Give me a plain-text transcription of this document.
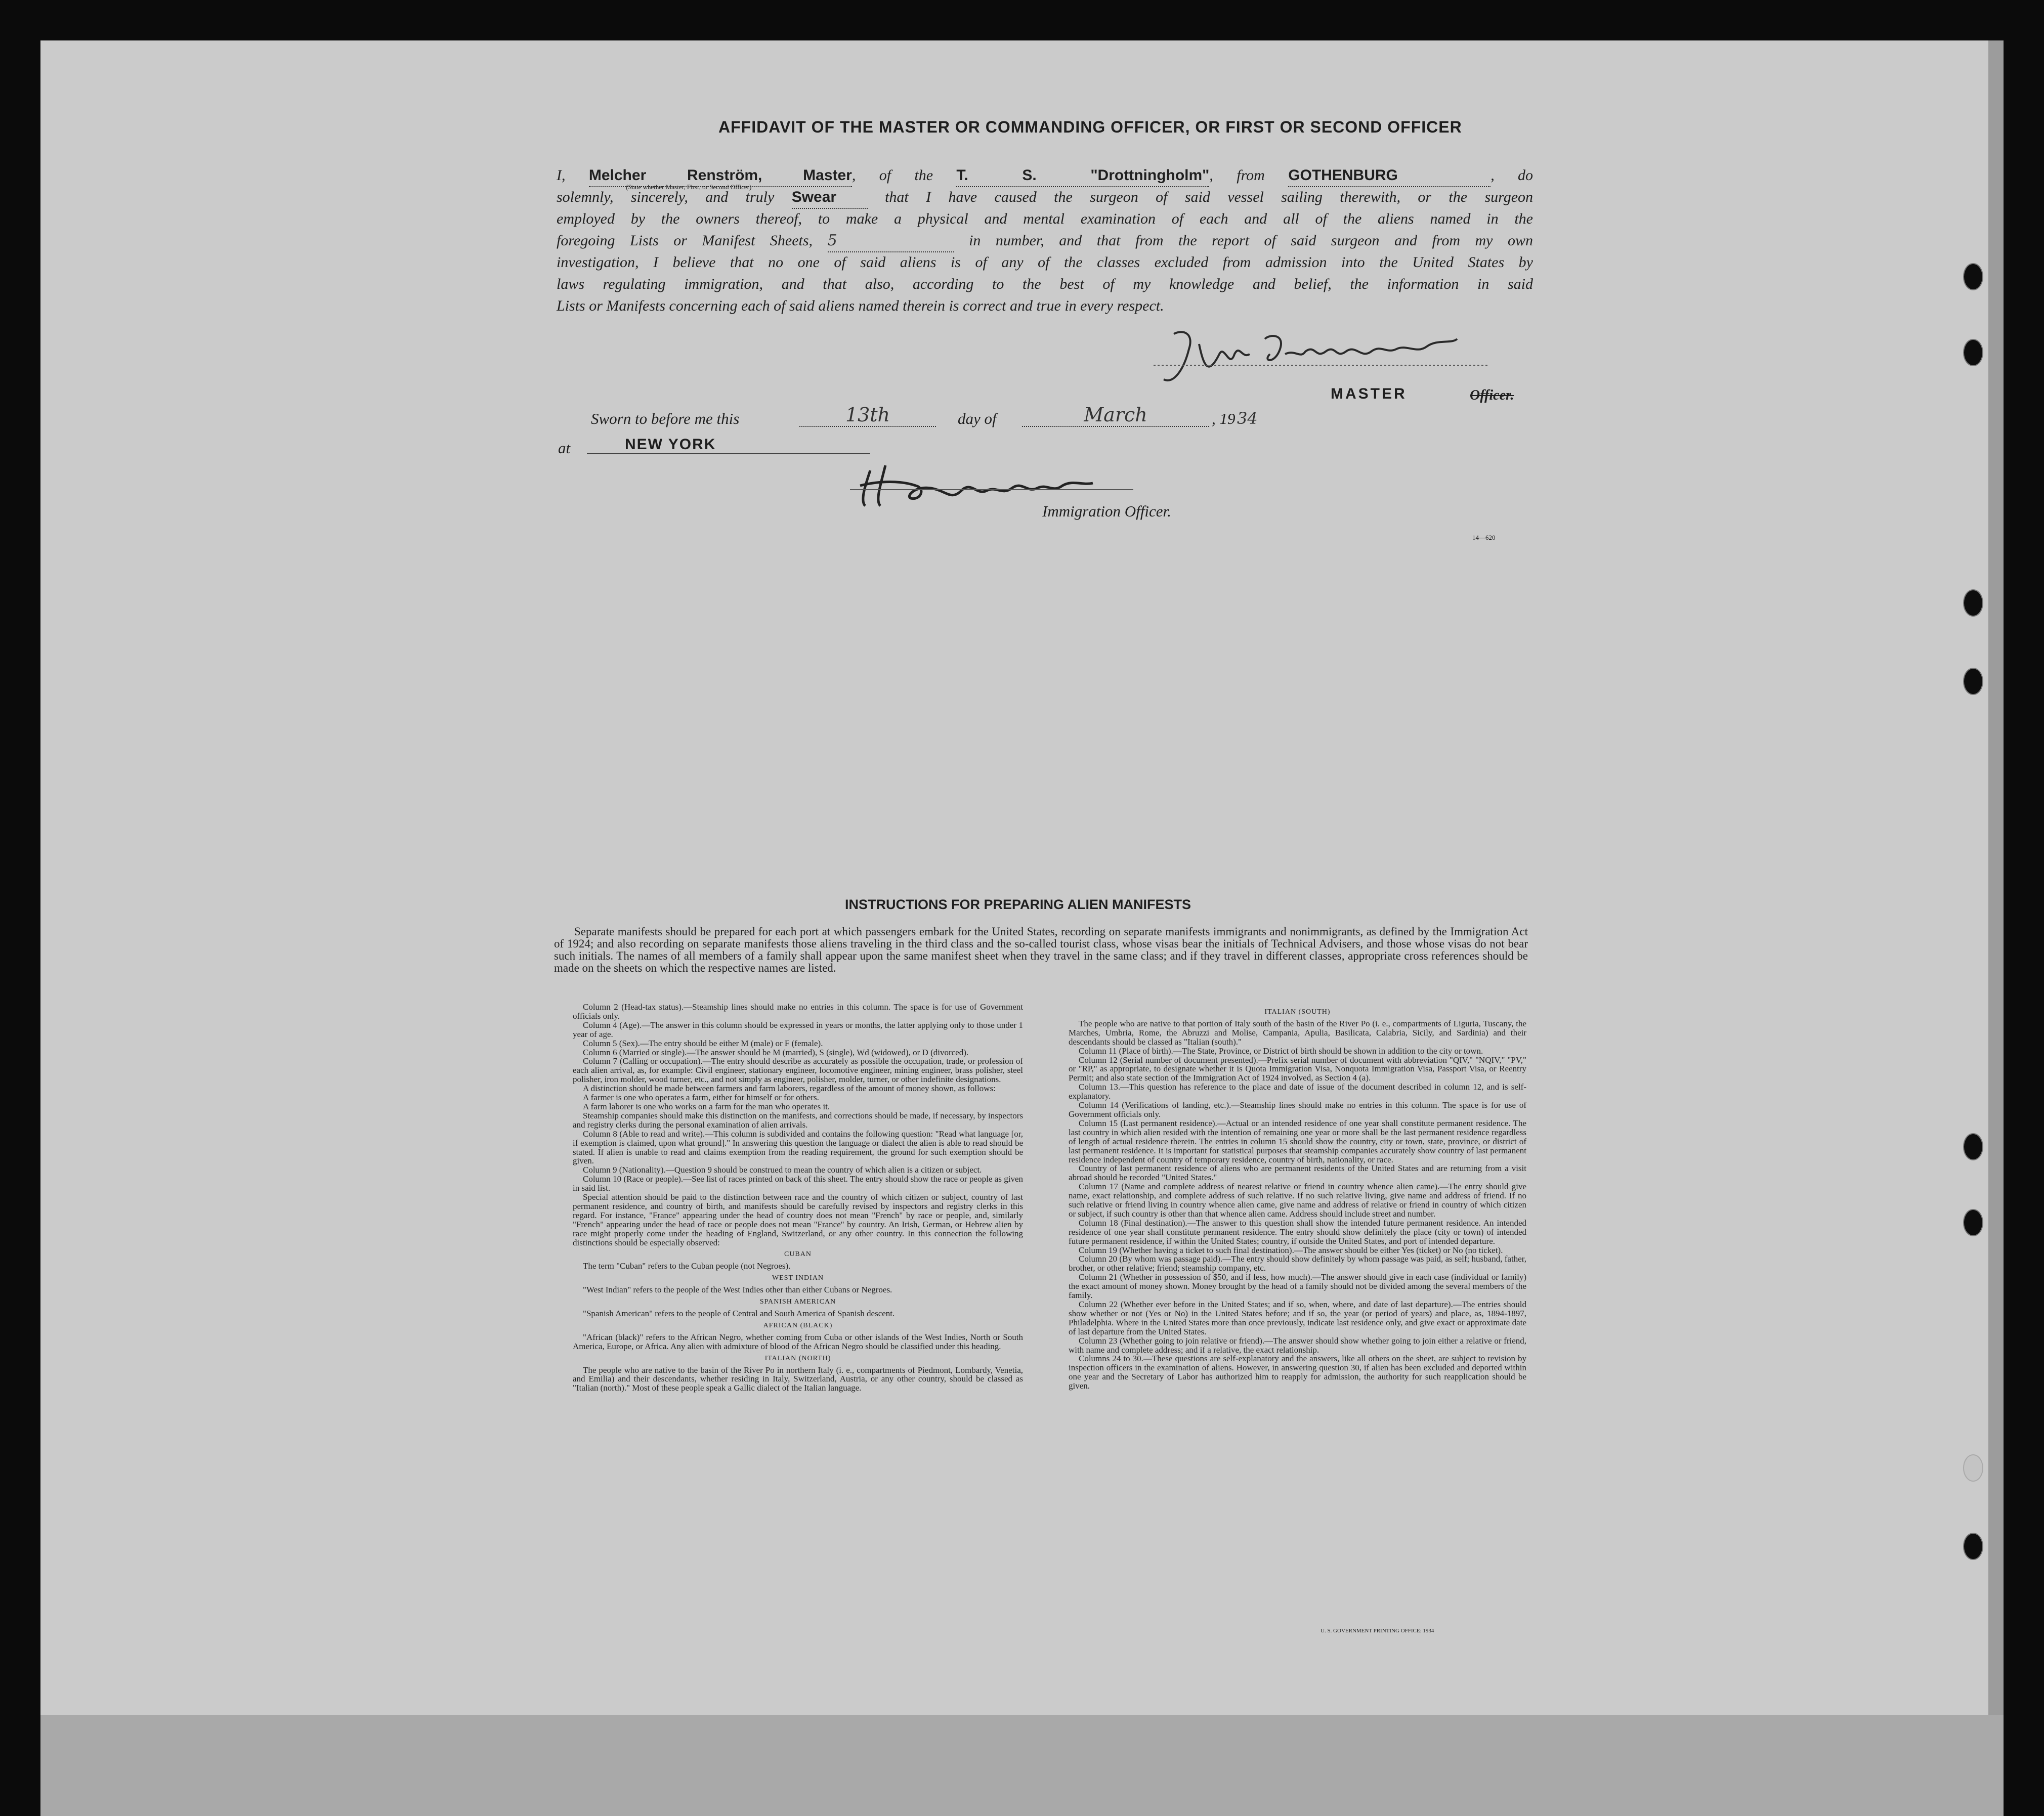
AFFIDAVIT OF THE MASTER OR COMMANDING OFFICER, OR FIRST OR SECOND OFFICER
I, Melcher Renström, Master, of the T. S. "Drottningholm", from GOTHENBURG	, do
solemnly, sincerely, and truly Swear	that I have caused the surgeon of said vessel sailing therewith, or the surgeon
employed by the owners thereof, to make a physical and mental examination of each and all of the aliens named in the
foregoing Lists or Manifest Sheets, 5	in number, and that from the report of said surgeon and from my own
investigation, I believe that no one of said aliens is of any of the classes excluded from admission into the United States by
laws regulating immigration, and that also, according to the best of my knowledge and belief, the information in said
Lists or Manifests concerning each of said aliens named therein is correct and true in every respect.
(State whether Master, First, or Second Officer)
MASTER	Officer.
Sworn to before me this	13th	day of	March	, 19 34
at	NEW YORK
Immigration Officer.
14—620
INSTRUCTIONS FOR PREPARING ALIEN MANIFESTS
Separate manifests should be prepared for each port at which passengers embark for the United States, recording on separate manifests immigrants and nonimmigrants, as defined by the Immigration Act of 1924; and also recording on separate manifests those aliens traveling in the third class and the so-called tourist class, whose visas bear the initials of Technical Advisers, and those whose visas do not bear such initials. The names of all members of a family shall appear upon the same manifest sheet when they travel in the same class; and if they travel in different classes, appropriate cross references should be made on the sheets on which the respective names are listed.

Column 2 (Head-tax status).—Steamship lines should make no entries in this column. The space is for use of Government officials only.

Column 4 (Age).—The answer in this column should be expressed in years or months, the latter applying only to those under 1 year of age.

Column 5 (Sex).—The entry should be either M (male) or F (female).

Column 6 (Married or single).—The answer should be M (married), S (single), Wd (widowed), or D (divorced).

Column 7 (Calling or occupation).—The entry should describe as accurately as possible the occupation, trade, or profession of each alien arrival, as, for example: Civil engineer, stationary engineer, locomotive engineer, mining engineer, brass polisher, steel polisher, iron molder, wood turner, etc., and not simply as engineer, polisher, molder, turner, or other indefinite designations.

A distinction should be made between farmers and farm laborers, regardless of the amount of money shown, as follows:

A farmer is one who operates a farm, either for himself or for others.

A farm laborer is one who works on a farm for the man who operates it.

Steamship companies should make this distinction on the manifests, and corrections should be made, if necessary, by inspectors and registry clerks during the personal examination of alien arrivals.

Column 8 (Able to read and write).—This column is subdivided and contains the following question: "Read what language [or, if exemption is claimed, upon what ground]." In answering this question the language or dialect the alien is able to read should be stated. If alien is unable to read and claims exemption from the reading requirement, the ground for such exemption should be given.

Column 9 (Nationality).—Question 9 should be construed to mean the country of which alien is a citizen or subject.

Column 10 (Race or people).—See list of races printed on back of this sheet. The entry should show the race or people as given in said list.

Special attention should be paid to the distinction between race and the country of which citizen or subject, country of last permanent residence, and country of birth, and manifests should be carefully revised by inspectors and registry clerks in this regard. For instance, "France" appearing under the head of country does not mean "French" by race or people, and, similarly "French" appearing under the head of race or people does not mean "France" by country. An Irish, German, or Hebrew alien by race might properly come under the heading of England, Switzerland, or any other country. In this connection the following distinctions should be especially observed:

CUBAN

The term "Cuban" refers to the Cuban people (not Negroes).

WEST INDIAN

"West Indian" refers to the people of the West Indies other than either Cubans or Negroes.

SPANISH AMERICAN

"Spanish American" refers to the people of Central and South America of Spanish descent.

AFRICAN (BLACK)

"African (black)" refers to the African Negro, whether coming from Cuba or other islands of the West Indies, North or South America, Europe, or Africa. Any alien with admixture of blood of the African Negro should be classified under this heading.

ITALIAN (NORTH)

The people who are native to the basin of the River Po in northern Italy (i. e., compartments of Piedmont, Lombardy, Venetia, and Emilia) and their descendants, whether residing in Italy, Switzerland, Austria, or any other country, should be classed as "Italian (north)." Most of these people speak a Gallic dialect of the Italian language.

ITALIAN (SOUTH)

The people who are native to that portion of Italy south of the basin of the River Po (i. e., compartments of Liguria, Tuscany, the Marches, Umbria, Rome, the Abruzzi and Molise, Campania, Apulia, Basilicata, Calabria, Sicily, and Sardinia) and their descendants should be classed as "Italian (south)."

Column 11 (Place of birth).—The State, Province, or District of birth should be shown in addition to the city or town.

Column 12 (Serial number of document presented).—Prefix serial number of document with abbreviation "QIV," "NQIV," "PV," or "RP," as appropriate, to designate whether it is Quota Immigration Visa, Nonquota Immigration Visa, Passport Visa, or Reentry Permit; and also state section of the Immigration Act of 1924 involved, as Section 4 (a).

Column 13.—This question has reference to the place and date of issue of the document described in column 12, and is self-explanatory.

Column 14 (Verifications of landing, etc.).—Steamship lines should make no entries in this column. The space is for use of Government officials only.

Column 15 (Last permanent residence).—Actual or an intended residence of one year shall constitute permanent residence. The last country in which alien resided with the intention of remaining one year or more shall be the last permanent residence regardless of length of actual residence therein. The entries in column 15 should show the country, city or town, state, province, or district of last permanent residence. It is important for statistical purposes that steamship companies accurately show country of last permanent residence independent of country of temporary residence, country of birth, nationality, or race.

Country of last permanent residence of aliens who are permanent residents of the United States and are returning from a visit abroad should be recorded "United States."

Column 17 (Name and complete address of nearest relative or friend in country whence alien came).—The entry should give name, exact relationship, and complete address of such relative. If no such relative living, give name and address of friend. If no such relative or friend living in country whence alien came, give name and address of relative or friend in country of which citizen or subject, if such country is other than that whence alien came. Address should include street and number.

Column 18 (Final destination).—The answer to this question shall show the intended future permanent residence. An intended residence of one year shall constitute permanent residence. The entry should show definitely the place (city or town) of intended future permanent residence, if within the United States; country, if outside the United States, and port of intended departure.

Column 19 (Whether having a ticket to such final destination).—The answer should be either Yes (ticket) or No (no ticket).

Column 20 (By whom was passage paid).—The entry should show definitely by whom passage was paid, as self; husband, father, brother, or other relative; friend; steamship company, etc.

Column 21 (Whether in possession of $50, and if less, how much).—The answer should give in each case (individual or family) the exact amount of money shown. Money brought by the head of a family should not be divided among the several members of the family.

Column 22 (Whether ever before in the United States; and if so, when, where, and date of last departure).—The entries should show whether or not (Yes or No) in the United States before; and if so, the year (or period of years) and place, as, 1894-1897, Philadelphia. Where in the United States more than once previously, indicate last residence only, and give exact or approximate date of last departure from the United States.

Column 23 (Whether going to join relative or friend).—The answer should show whether going to join either a relative or friend, with name and complete address; and if a relative, the exact relationship.

Columns 24 to 30.—These questions are self-explanatory and the answers, like all others on the sheet, are subject to revision by inspection officers in the examination of aliens. However, in answering question 30, if alien has been excluded and deported within one year and the Secretary of Labor has authorized him to reapply for admission, the authority for such reapplication should be given.

U. S. GOVERNMENT PRINTING OFFICE: 1934
